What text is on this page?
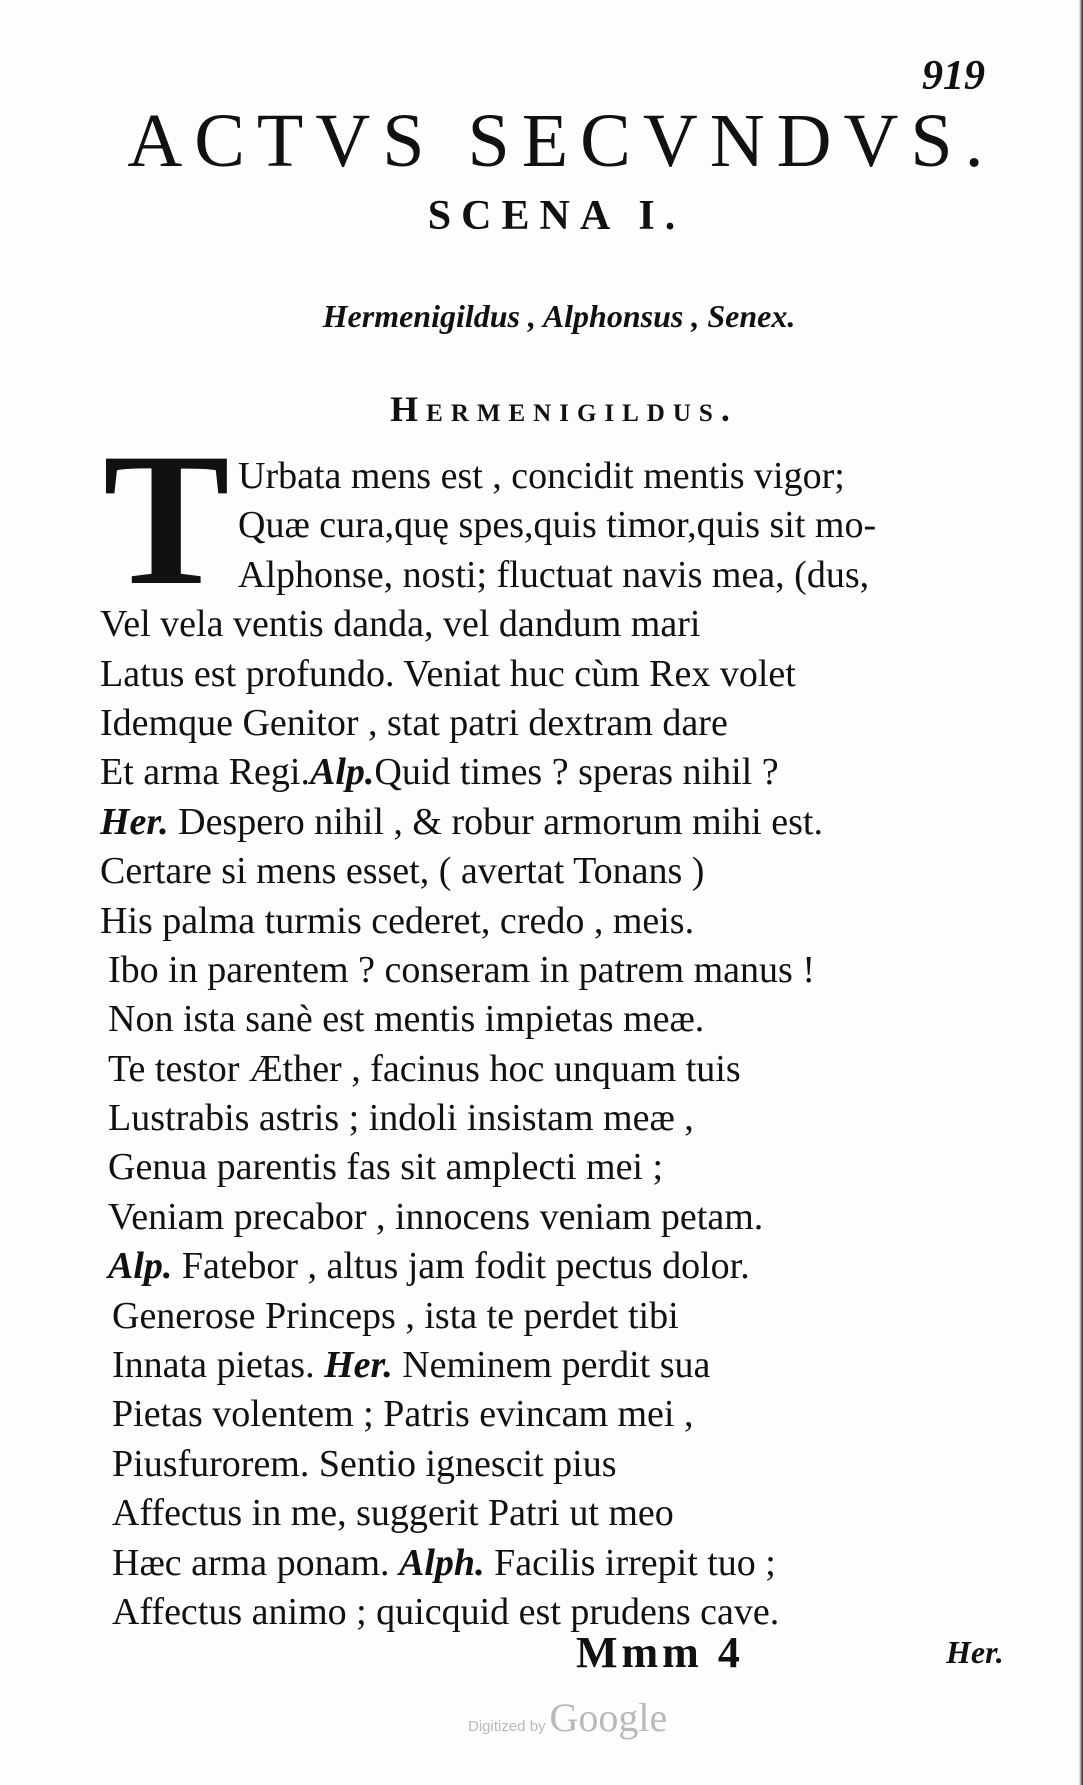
919
ACTVS SECVNDVS.
SCENA I.
Hermenigildus , Alphonsus , Senex.
Hermenigildus.
T Urbata mens est , concidit mentis vigor;
Quæ cura,quę spes,quis timor,quis sit mo-
Alphonse, nosti; fluctuat navis mea, (dus,
Vel vela ventis danda, vel dandum mari
Latus est profundo. Veniat huc cùm Rex volet
Idemque Genitor , stat patri dextram dare
Et arma Regi.Alp.Quid times ? speras nihil ?
Her. Despero nihil , & robur armorum mihi est.
Certare si mens esset, ( avertat Tonans )
His palma turmis cederet, credo , meis.
Ibo in parentem ? conseram in patrem manus !
Non ista sanè est mentis impietas meæ.
Te testor Æther , facinus hoc unquam tuis
Lustrabis astris ; indoli insistam meæ ,
Genua parentis fas sit amplecti mei ;
Veniam precabor , innocens veniam petam.
Alp. Fatebor , altus jam fodit pectus dolor.
Generose Princeps , ista te perdet tibi
Innata pietas. Her. Neminem perdit sua
Pietas volentem ; Patris evincam mei ,
Piusfurorem. Sentio ignescit pius
Affectus in me, suggerit Patri ut meo
Hæc arma ponam. Alph. Facilis irrepit tuo ;
Affectus animo ; quicquid est prudens cave.
Mmm 4	Her.
Digitized by Google
